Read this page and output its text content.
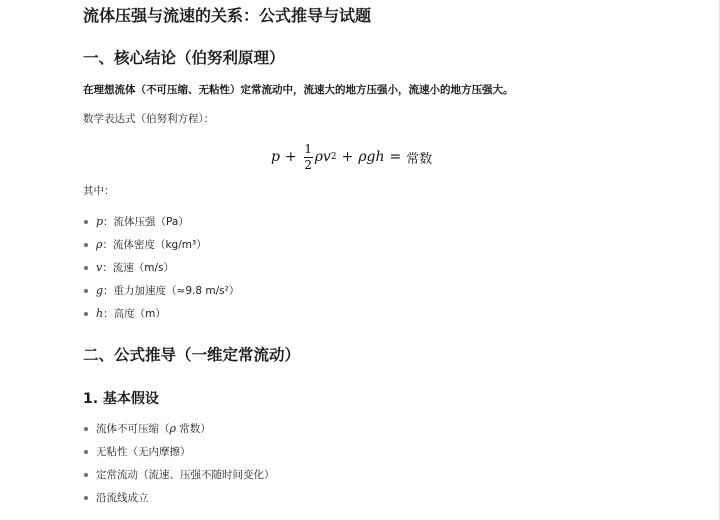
流体压强与流速的关系：公式推导与试题
一、核心结论（伯努利原理）
在理想流体（不可压缩、无粘性）定常流动中，流速大的地方压强小，流速小的地方压强大。
数学表达式（伯努利方程）：
$p + \frac{1}{2}$ ρv 2 + ρgh = 常数
其中：
p：流体压强（Pa）
ρ：流体密度（kg/m³）
v：流速（m/s）
g：重力加速度（≈9.8 m/s²）
h：高度（m）
二、公式推导（一维定常流动）
1. 基本假设
流体不可压缩（ρ 常数）
无粘性（无内摩擦）
定常流动（流速、压强不随时间变化）
沿流线成立
